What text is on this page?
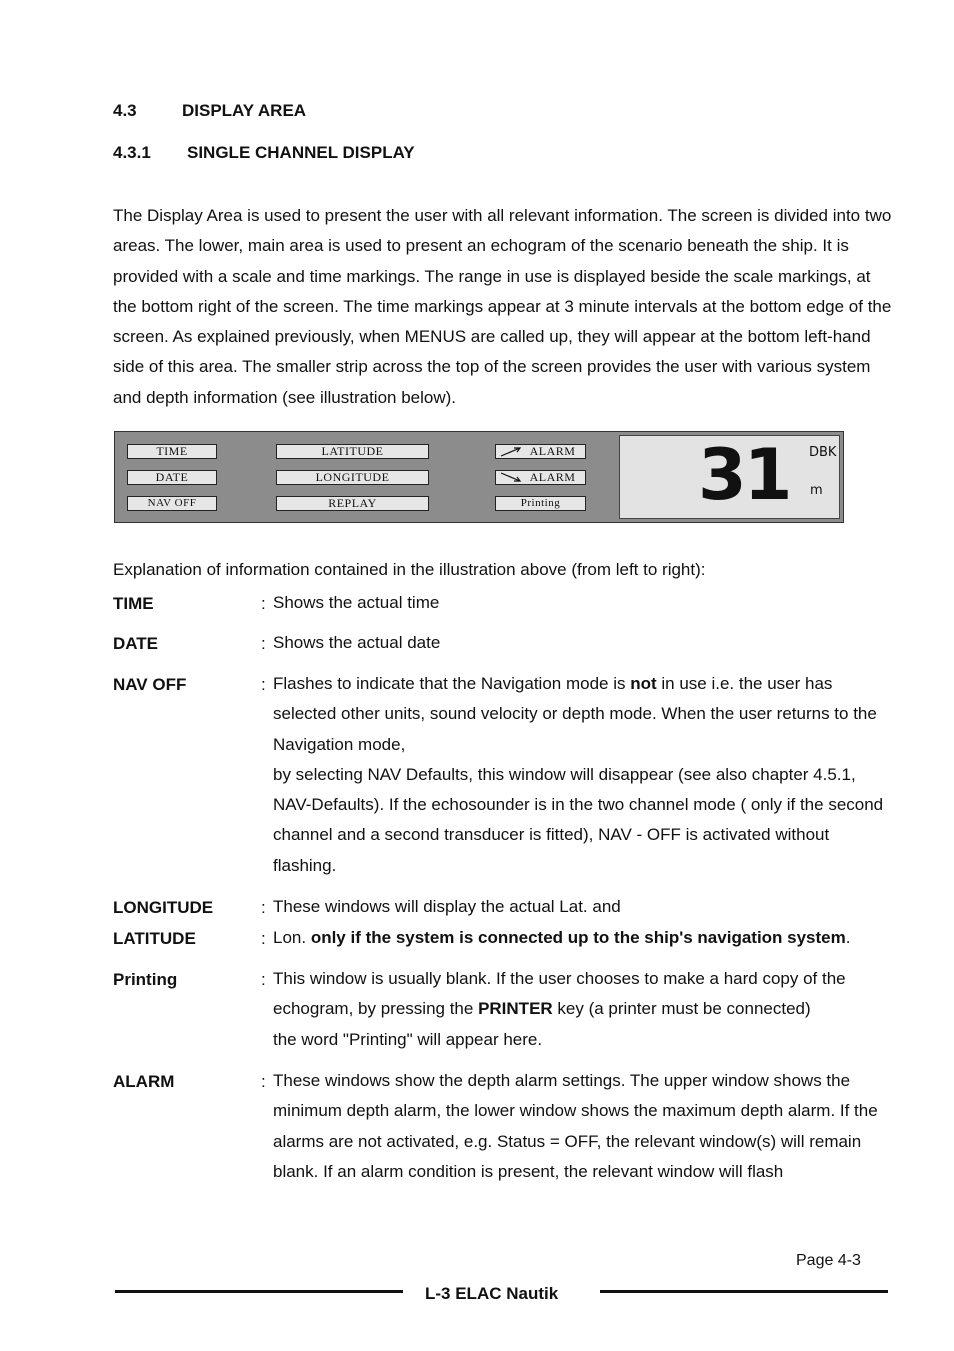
4.3	DISPLAY AREA
4.3.1 SINGLE CHANNEL DISPLAY
The Display Area is used to present the user with all relevant information. The screen is divided into two areas. The lower, main area is used to present an echogram of the scenario beneath the ship. It is provided with a scale and time markings. The range in use is displayed beside the scale markings, at the bottom right of the screen. The time markings appear at 3 minute intervals at the bottom edge of the screen. As explained previously, when MENUS are called up, they will appear at the bottom left-hand side of this area. The smaller strip across the top of the screen provides the user with various system and depth information (see illustration below).
TIME
DATE
NAV OFF
LATITUDE
LONGITUDE
REPLAY
ALARM
ALARM
Printing	31 DBK
m
Explanation of information contained in the illustration above (from left to right):
TIME	: Shows the actual time
DATE	: Shows the actual date
NAV OFF	: Flashes to indicate that the Navigation mode is not in use i.e. the user has selected other units, sound velocity or depth mode. When the user returns to the Navigation mode,
by selecting NAV Defaults, this window will disappear (see also chapter 4.5.1, NAV-Defaults). If the echosounder is in the two channel mode ( only if the second channel and a second transducer is fitted), NAV - OFF is activated without flashing.
LONGITUDE	: These windows will display the actual Lat. and
LATITUDE	: Lon. only if the system is connected up to the ship's navigation system.
Printing	: This window is usually blank. If the user chooses to make a hard copy of the echogram, by pressing the PRINTER key (a printer must be connected)
the word "Printing" will appear here.
ALARM	: These windows show the depth alarm settings. The upper window shows the minimum depth alarm, the lower window shows the maximum depth alarm. If the alarms are not activated, e.g. Status = OFF, the relevant window(s) will remain blank. If an alarm condition is present, the relevant window will flash
Page 4-3
L-3 ELAC Nautik
